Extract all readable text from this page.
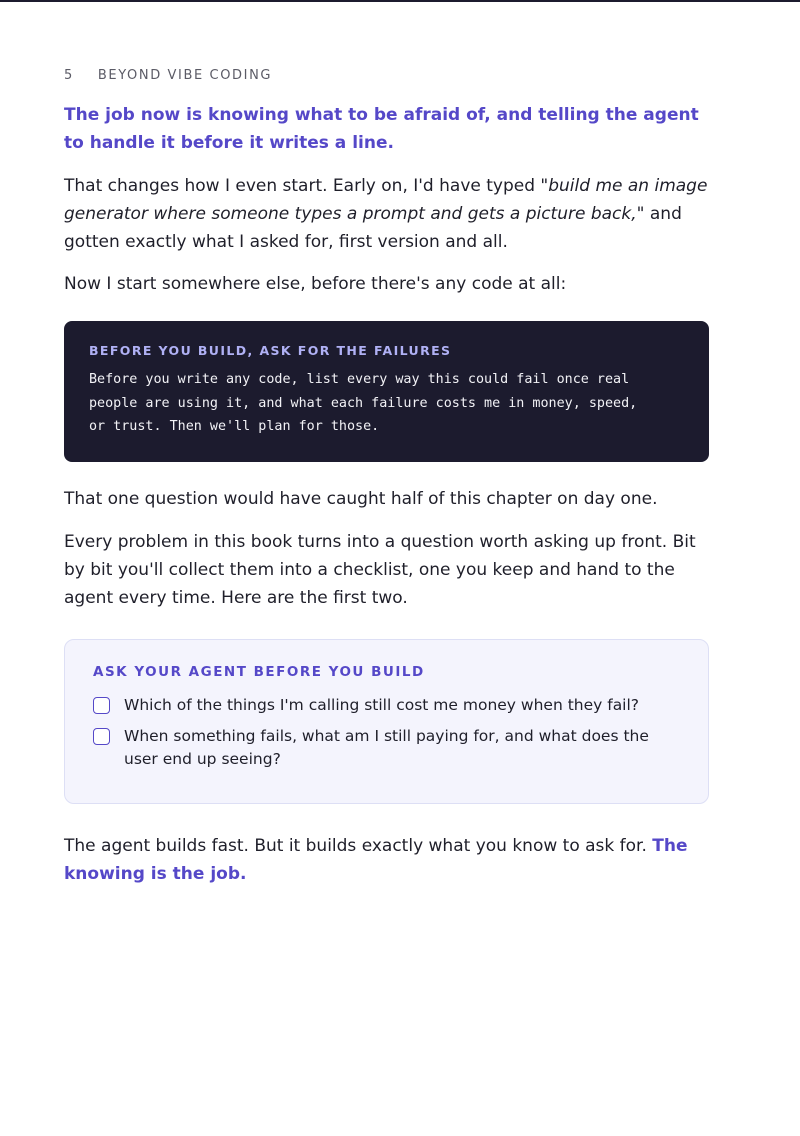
5 BEYOND VIBE CODING

The job now is knowing what to be afraid of, and telling the agent to handle it before it writes a line.

That changes how I even start. Early on, I'd have typed "build me an image generator where someone types a prompt and gets a picture back," and gotten exactly what I asked for, first version and all.

Now I start somewhere else, before there's any code at all:

BEFORE YOU BUILD, ASK FOR THE FAILURES

Before you write any code, list every way this could fail once real
people are using it, and what each failure costs me in money, speed,
or trust. Then we'll plan for those.

That one question would have caught half of this chapter on day one.

Every problem in this book turns into a question worth asking up front. Bit by bit you'll collect them into a checklist, one you keep and hand to the agent every time. Here are the first two.

ASK YOUR AGENT BEFORE YOU BUILD

Which of the things I'm calling still cost me money when they fail?
When something fails, what am I still paying for, and what does the user end up seeing?

The agent builds fast. But it builds exactly what you know to ask for. The knowing is the job.
